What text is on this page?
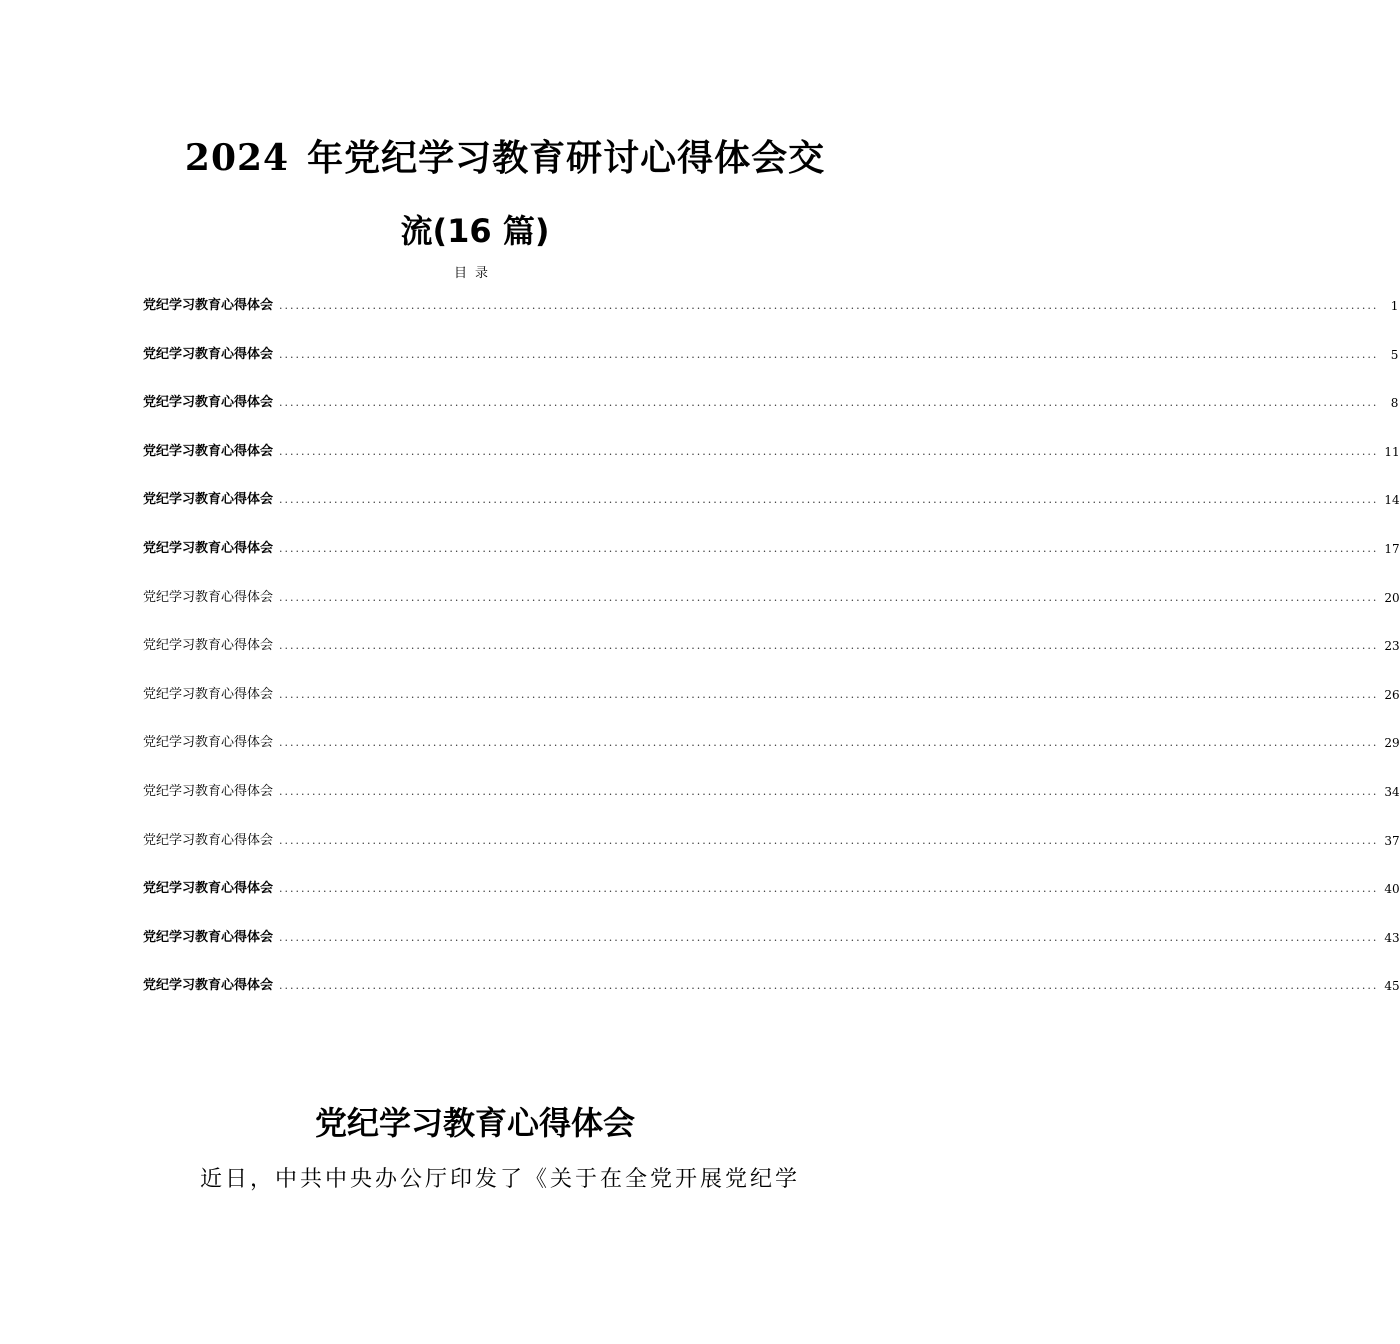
2024 年党纪学习教育研讨心得体会交
流(16 篇)
目录
党纪学习教育心得体会 ........................................................................................................................................................................................................	1
党纪学习教育心得体会 ........................................................................................................................................................................................................	5
党纪学习教育心得体会 ........................................................................................................................................................................................................	8
党纪学习教育心得体会 ........................................................................................................................................................................................................ 11
党纪学习教育心得体会 ........................................................................................................................................................................................................ 14
党纪学习教育心得体会 ........................................................................................................................................................................................................ 17
党纪学习教育心得体会 ........................................................................................................................................................................................................ 20
党纪学习教育心得体会 ........................................................................................................................................................................................................ 23
党纪学习教育心得体会 ........................................................................................................................................................................................................ 26
党纪学习教育心得体会 ........................................................................................................................................................................................................ 29
党纪学习教育心得体会 ........................................................................................................................................................................................................ 34
党纪学习教育心得体会 ........................................................................................................................................................................................................ 37
党纪学习教育心得体会 ........................................................................................................................................................................................................ 40
党纪学习教育心得体会 ........................................................................................................................................................................................................ 43
党纪学习教育心得体会 ........................................................................................................................................................................................................ 45
党纪学习教育心得体会
近日，中共中央办公厅印发了《关于在全党开展党纪学
